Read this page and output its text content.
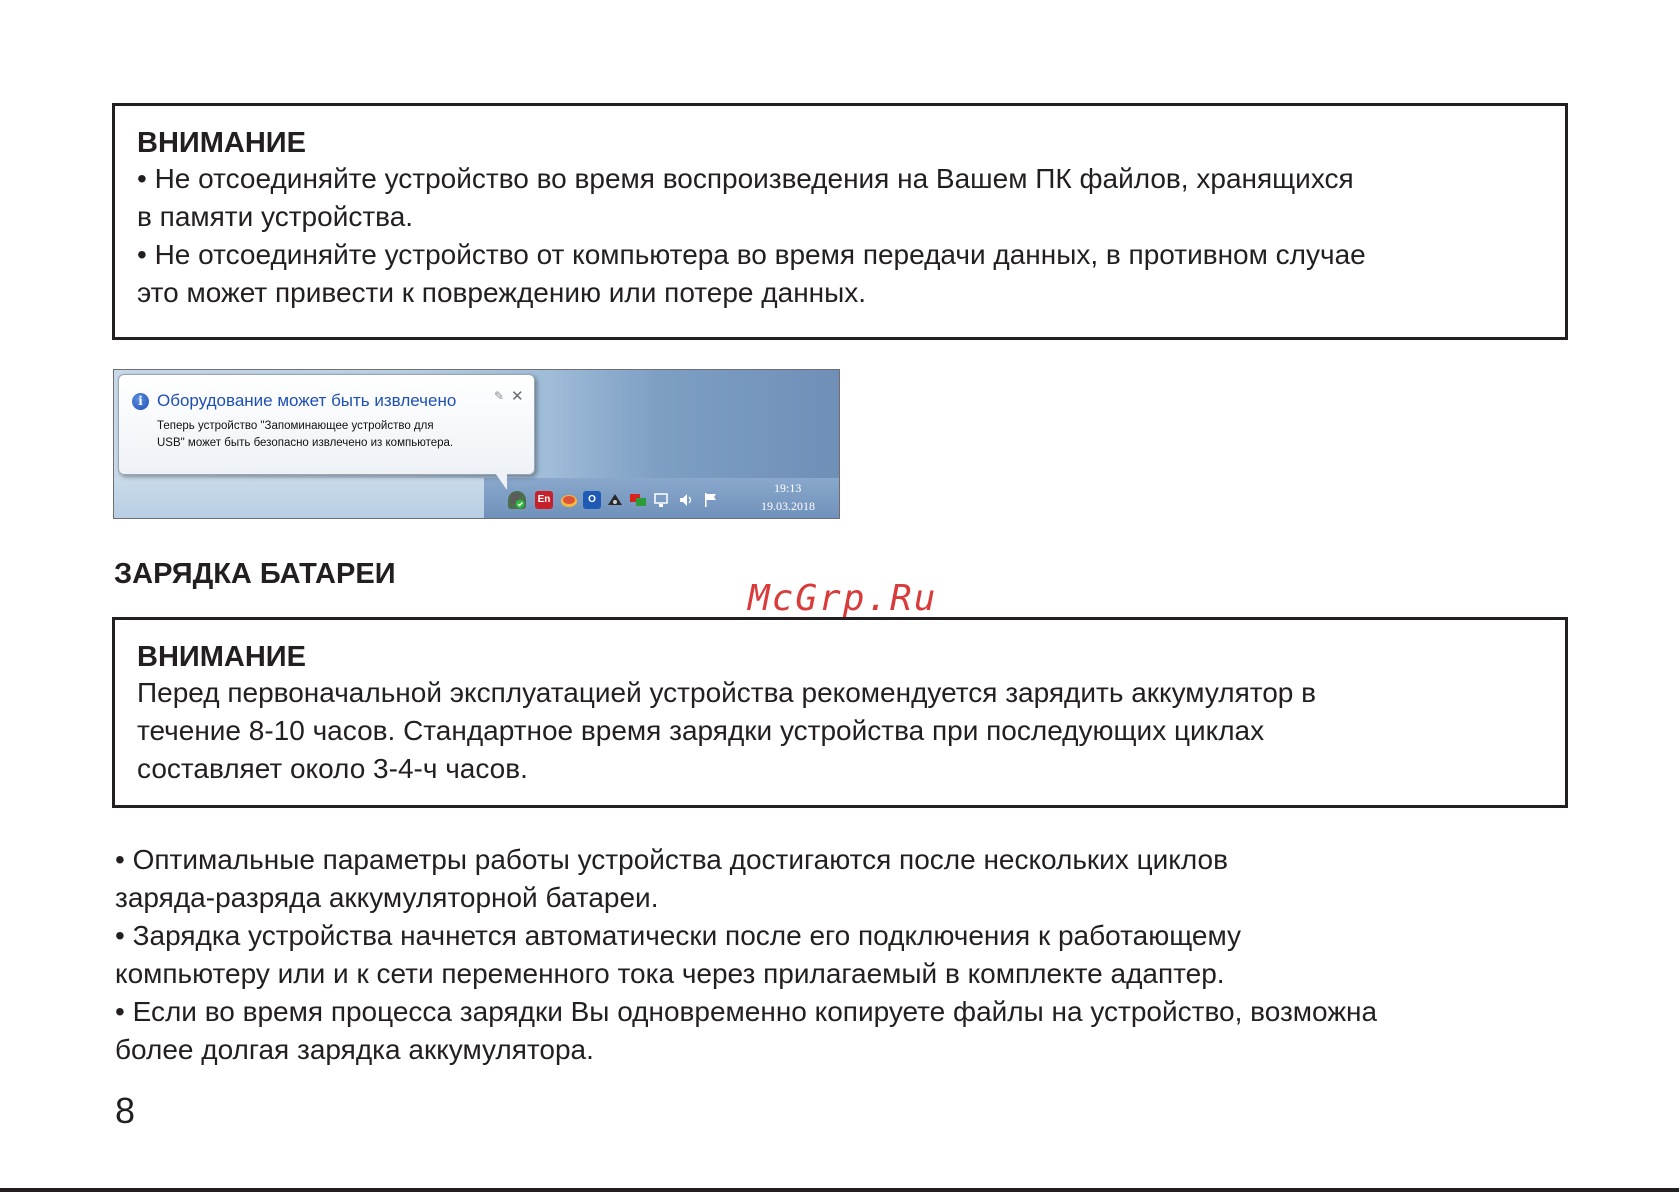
ВНИМАНИЕ

• Не отсоединяйте устройство во время воспроизведения на Вашем ПК файлов, хранящихся

в памяти устройства.

• Не отсоединяйте устройство от компьютера во время передачи данных, в противном случае

это может привести к повреждению или потере данных.

i Оборудование может быть извлечено
Теперь устройство "Запоминающее устройство для
USB" может быть безопасно извлечено из компьютера.
✎ ✕
En	O
19:13
19.03.2018
ЗАРЯДКА БАТАРЕИ

McGrp.Ru

ВНИМАНИЕ

Перед первоначальной эксплуатацией устройства рекомендуется зарядить аккумулятор в

течение 8-10 часов. Стандартное время зарядки устройства при последующих циклах

составляет около 3-4-ч часов.

• Оптимальные параметры работы устройства достигаются после нескольких циклов
заряда-разряда аккумуляторной батареи.
• Зарядка устройства начнется автоматически после его подключения к работающему
компьютеру или и к сети переменного тока через прилагаемый в комплекте адаптер.
• Если во время процесса зарядки Вы одновременно копируете файлы на устройство, возможна
более долгая зарядка аккумулятора.

8
